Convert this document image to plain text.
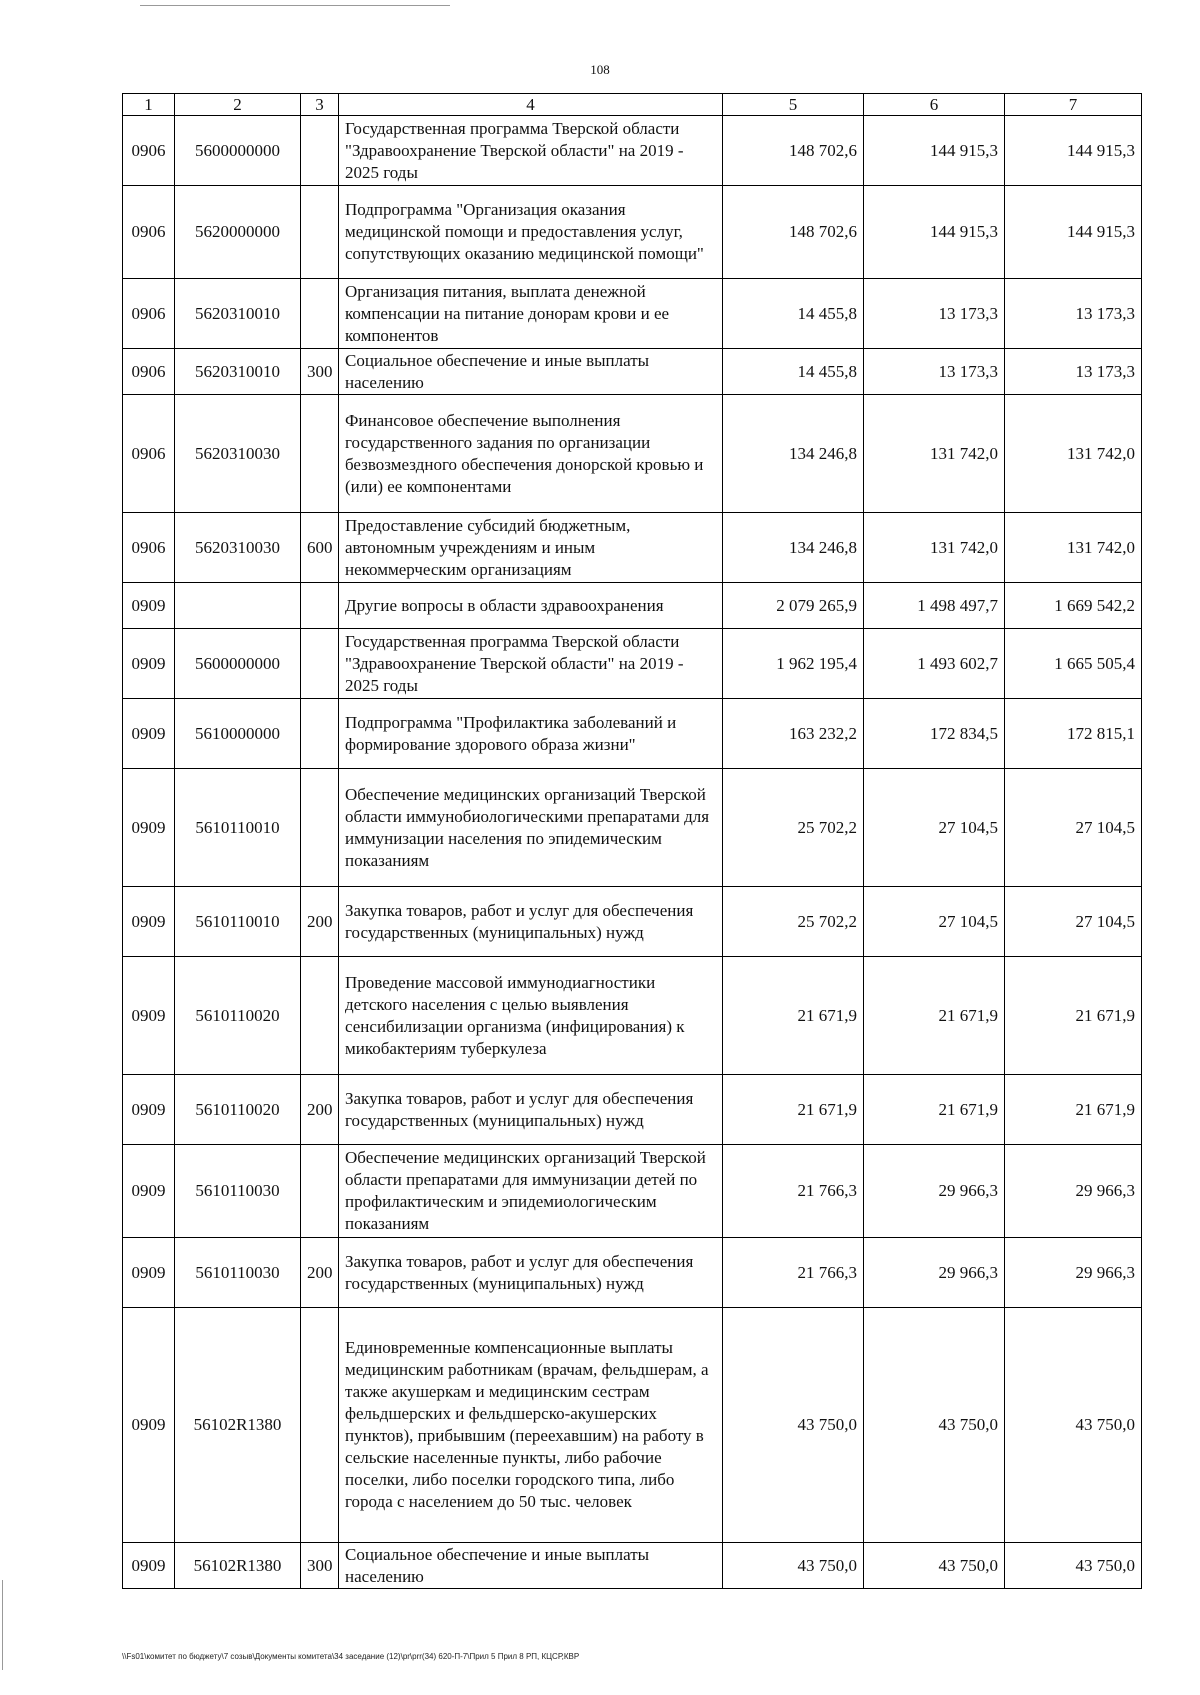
108
1	2	3	4	5	6	7
0906	5600000000		Государственная программа Тверской области "Здравоохранение Тверской области" на 2019 - 2025 годы	148 702,6	144 915,3	144 915,3
0906	5620000000		Подпрограмма "Организация оказания медицинской помощи и предоставления услуг, сопутствующих оказанию медицинской помощи"	148 702,6	144 915,3	144 915,3
0906	5620310010		Организация питания, выплата денежной компенсации на питание донорам крови и ее компонентов	14 455,8	13 173,3	13 173,3
0906	5620310010	300	Социальное обеспечение и иные выплаты населению	14 455,8	13 173,3	13 173,3
0906	5620310030		Финансовое обеспечение выполнения государственного задания по организации безвозмездного обеспечения донорской кровью и (или) ее компонентами	134 246,8	131 742,0	131 742,0
0906	5620310030	600	Предоставление субсидий бюджетным, автономным учреждениям и иным некоммерческим организациям	134 246,8	131 742,0	131 742,0
0909			Другие вопросы в области здравоохранения	2 079 265,9	1 498 497,7	1 669 542,2
0909	5600000000		Государственная программа Тверской области "Здравоохранение Тверской области" на 2019 - 2025 годы	1 962 195,4	1 493 602,7	1 665 505,4
0909	5610000000		Подпрограмма "Профилактика заболеваний и формирование здорового образа жизни"	163 232,2	172 834,5	172 815,1
0909	5610110010		Обеспечение медицинских организаций Тверской области иммунобиологическими препаратами для иммунизации населения по эпидемическим показаниям	25 702,2	27 104,5	27 104,5
0909	5610110010	200	Закупка товаров, работ и услуг для обеспечения государственных (муниципальных) нужд	25 702,2	27 104,5	27 104,5
0909	5610110020		Проведение массовой иммунодиагностики детского населения с целью выявления сенсибилизации организма (инфицирования) к микобактериям туберкулеза	21 671,9	21 671,9	21 671,9
0909	5610110020	200	Закупка товаров, работ и услуг для обеспечения государственных (муниципальных) нужд	21 671,9	21 671,9	21 671,9
0909	5610110030		Обеспечение медицинских организаций Тверской области препаратами для иммунизации детей по профилактическим и эпидемиологическим показаниям	21 766,3	29 966,3	29 966,3
0909	5610110030	200	Закупка товаров, работ и услуг для обеспечения государственных (муниципальных) нужд	21 766,3	29 966,3	29 966,3
0909	56102R1380		Единовременные компенсационные выплаты медицинским работникам (врачам, фельдшерам, а также акушеркам и медицинским сестрам фельдшерских и фельдшерско-акушерских пунктов), прибывшим (переехавшим) на работу в сельские населенные пункты, либо рабочие поселки, либо поселки городского типа, либо города с населением до 50 тыс. человек	43 750,0	43 750,0	43 750,0
0909	56102R1380	300	Социальное обеспечение и иные выплаты населению	43 750,0	43 750,0	43 750,0
\\Fs01\комитет по бюджету\7 созыв\Документы комитета\34 заседание (12)\pr\prr(34) 620-П-7\Прил 5 Прил 8 РП, КЦСР,КВР
